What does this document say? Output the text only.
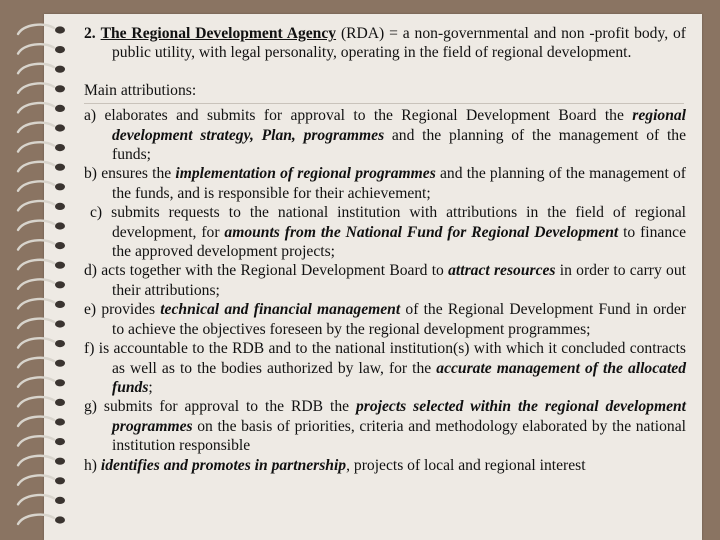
2. The Regional Development Agency (RDA) = a non-governmental and non -profit body, of public utility, with legal personality, operating in the field of regional development.
Main attributions:
a) elaborates and submits for approval to the Regional Development Board the regional development strategy, Plan, programmes and the planning of the management of the funds;
b) ensures the implementation of regional programmes and the planning of the management of the funds, and is responsible for their achievement;
c) submits requests to the national institution with attributions in the field of regional development, for amounts from the National Fund for Regional Development to finance the approved development projects;
d) acts together with the Regional Development Board to attract resources in order to carry out their attributions;
e) provides technical and financial management of the Regional Development Fund in order to achieve the objectives foreseen by the regional development programmes;
f) is accountable to the RDB and to the national institution(s) with which it concluded contracts as well as to the bodies authorized by law, for the accurate management of the allocated funds;
g) submits for approval to the RDB the projects selected within the regional development programmes on the basis of priorities, criteria and methodology elaborated by the national institution responsible
h) identifies and promotes in partnership, projects of local and regional interest
